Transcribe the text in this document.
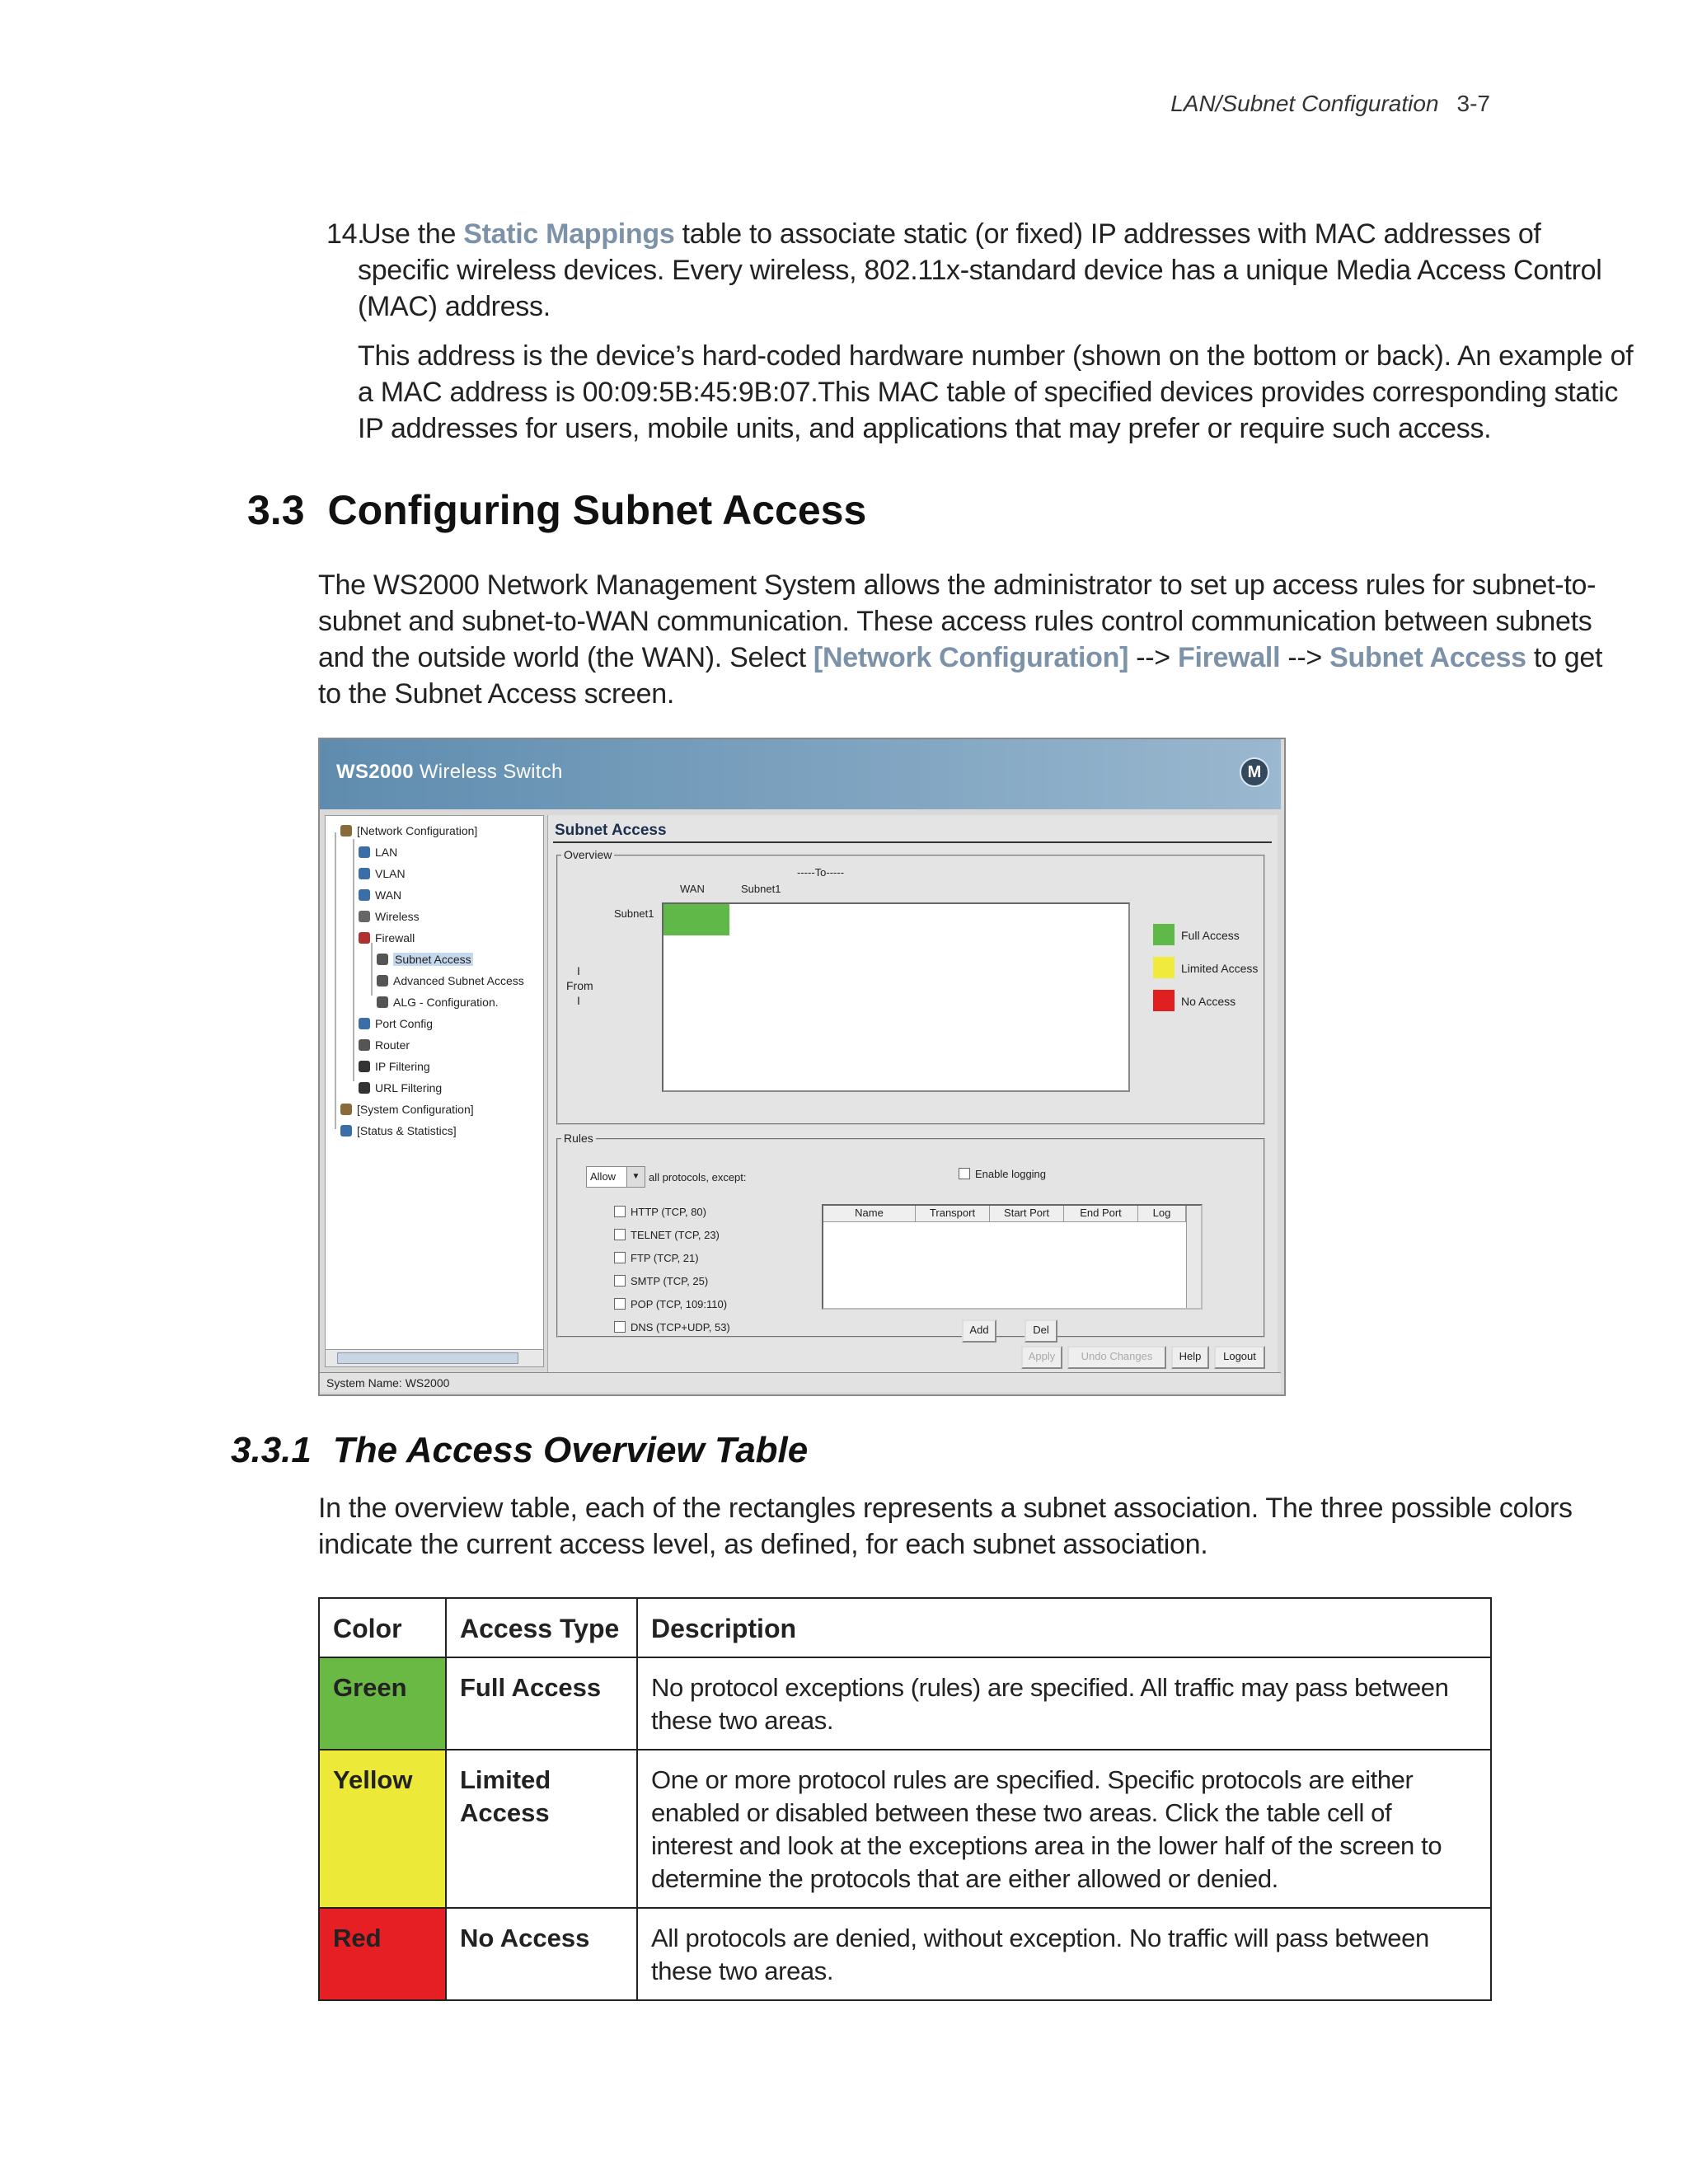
LAN/Subnet Configuration 3-7
14.
Use the Static Mappings table to associate static (or fixed) IP addresses with MAC addresses of
specific wireless devices. Every wireless, 802.11x-standard device has a unique Media Access Control
(MAC) address.
This address is the device’s hard-coded hardware number (shown on the bottom or back). An example of
a MAC address is 00:09:5B:45:9B:07.This MAC table of specified devices provides corresponding static
IP addresses for users, mobile units, and applications that may prefer or require such access.
3.3 Configuring Subnet Access
The WS2000 Network Management System allows the administrator to set up access rules for subnet-to-
subnet and subnet-to-WAN communication. These access rules control communication between subnets
and the outside world (the WAN). Select [Network Configuration] --> Firewall --> Subnet Access to get
to the Subnet Access screen.
WS2000 Wireless Switch	M
[Network Configuration]
LAN
VLAN
WAN
Wireless
Firewall
Subnet Access
Advanced Subnet Access
ALG - Configuration.
Port Config
Router
IP Filtering
URL Filtering
[System Configuration]
[Status & Statistics]
Subnet Access
Overview
-----To-----
WAN	Subnet1
Subnet1
I
From
I
Full Access
Limited Access
No Access
Rules
Allow	▼ all protocols, except:	Enable logging
HTTP (TCP, 80)
TELNET (TCP, 23)
FTP (TCP, 21)
SMTP (TCP, 25)
POP (TCP, 109:110)
DNS (TCP+UDP, 53)
Name	Transport	Start Port	End Port	Log
Add	Del
Apply	Undo Changes	Help	Logout
System Name: WS2000
3.3.1 The Access Overview Table
In the overview table, each of the rectangles represents a subnet association. The three possible colors
indicate the current access level, as defined, for each subnet association.
Color	Access Type	Description
Green	Full Access	No protocol exceptions (rules) are specified. All traffic may pass between these two areas.
Yellow	Limited Access	One or more protocol rules are specified. Specific protocols are either enabled or disabled between these two areas. Click the table cell of interest and look at the exceptions area in the lower half of the screen to determine the protocols that are either allowed or denied.
Red	No Access	All protocols are denied, without exception. No traffic will pass between these two areas.
